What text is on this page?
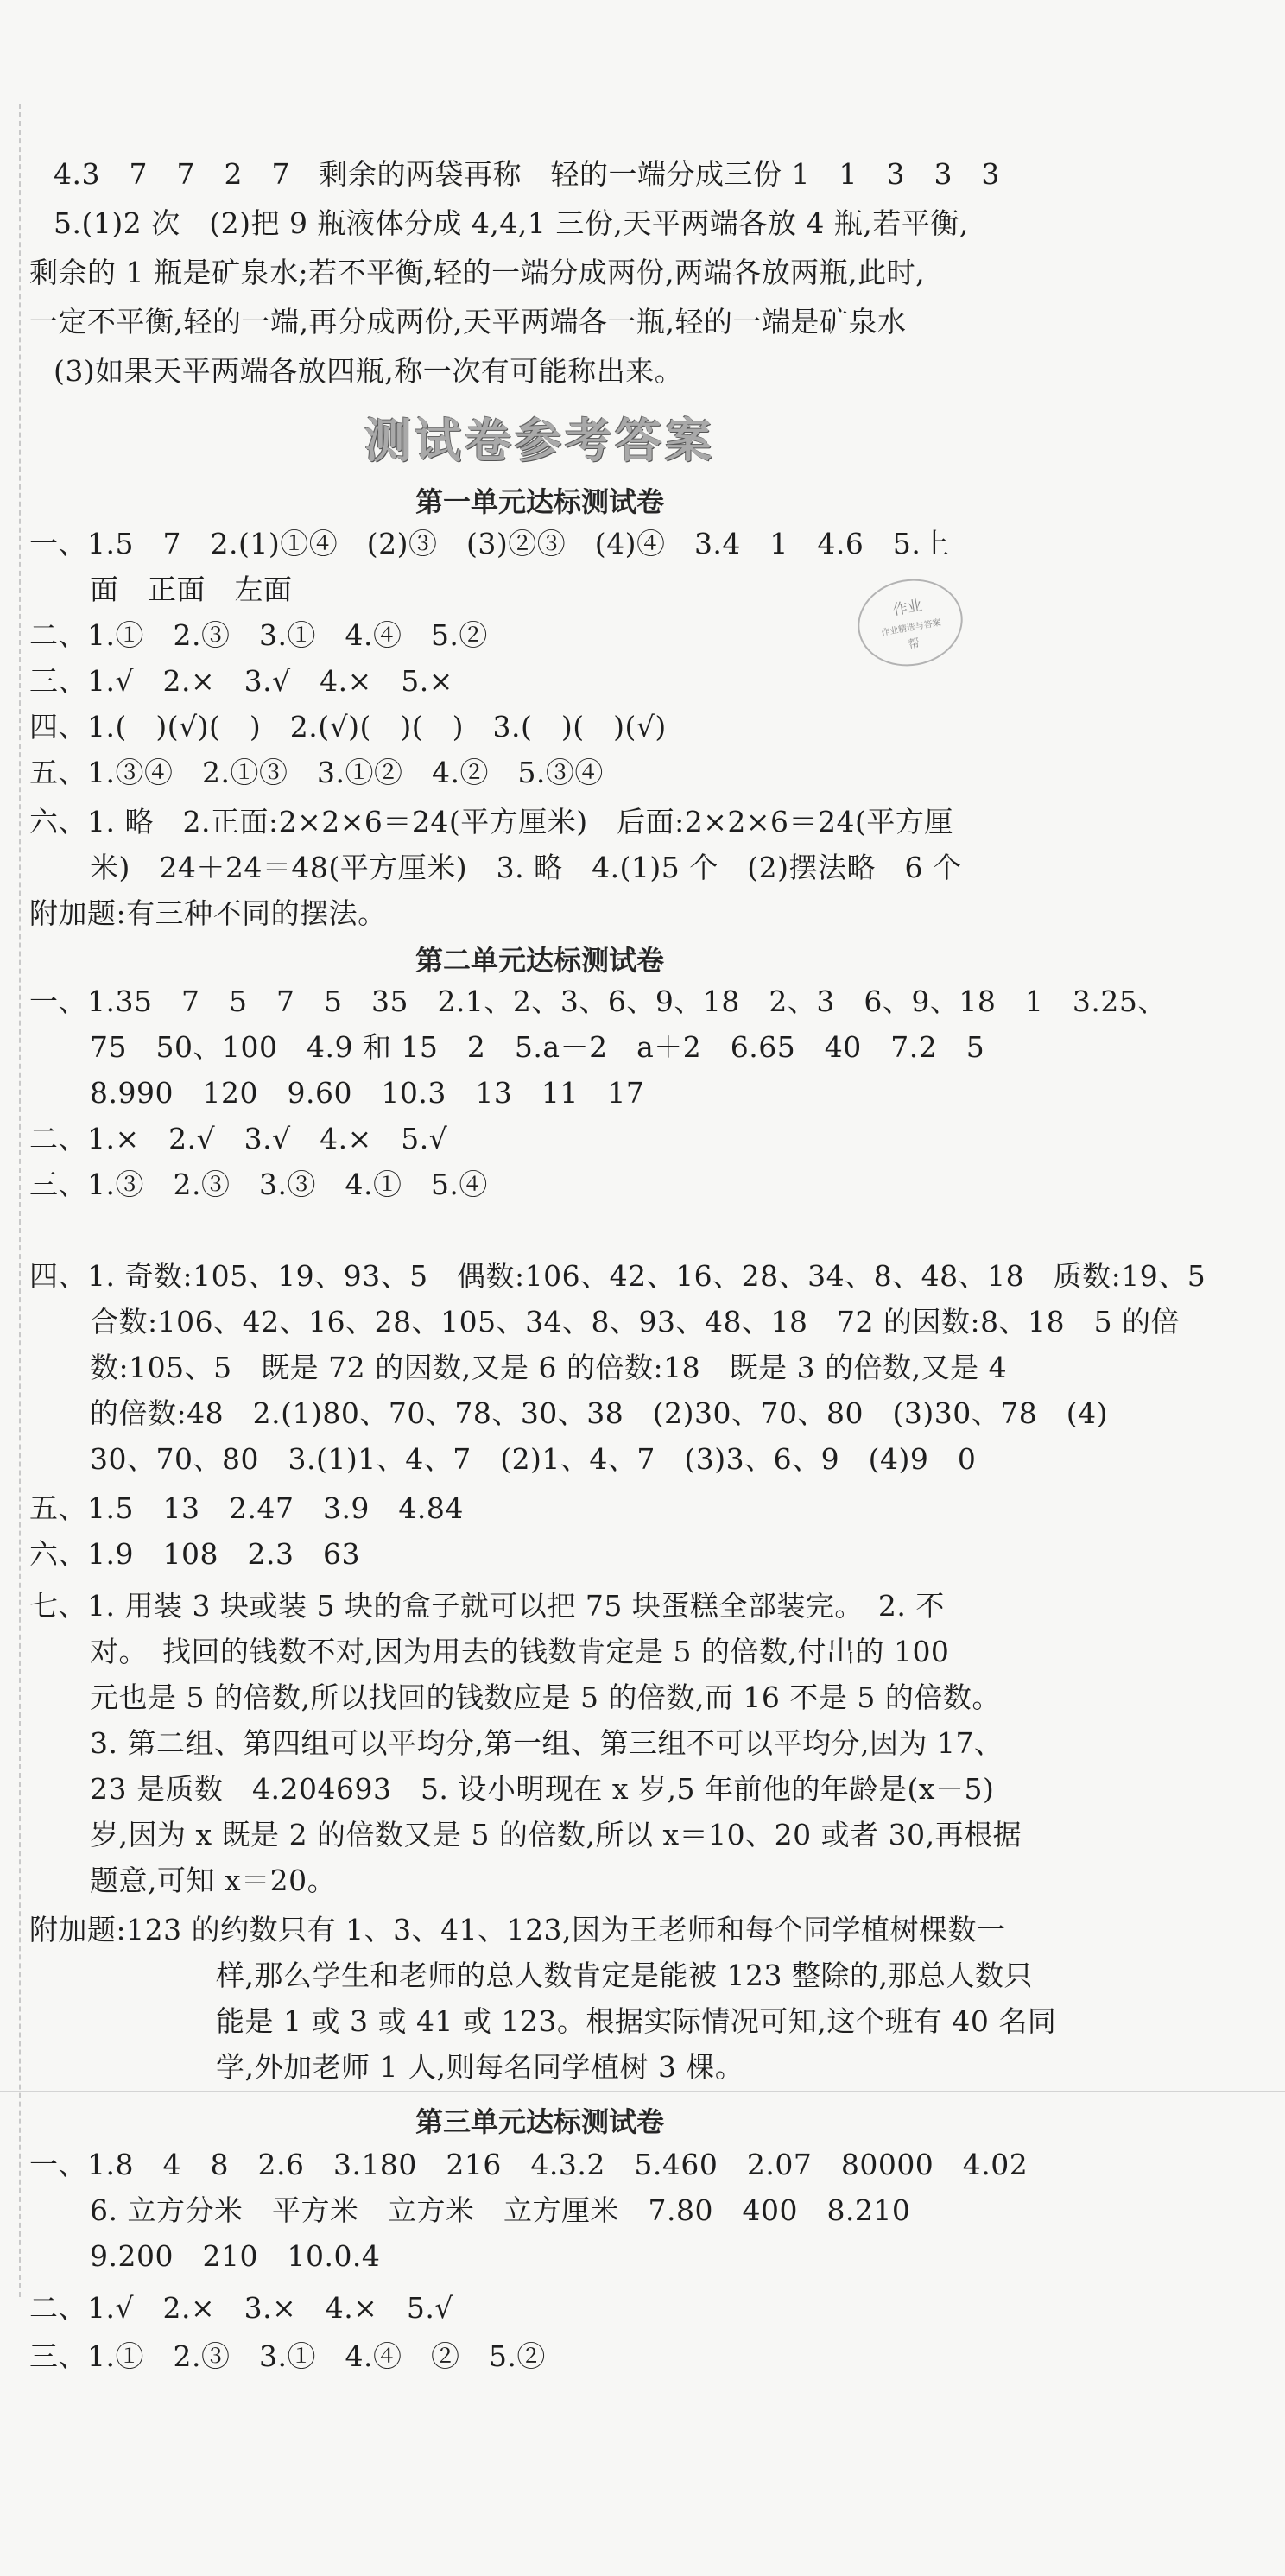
4.3　7　7　2　7　剩余的两袋再称　轻的一端分成三份 1　1　3　3　3
5.(1)2 次　(2)把 9 瓶液体分成 4,4,1 三份,天平两端各放 4 瓶,若平衡,
剩余的 1 瓶是矿泉水;若不平衡,轻的一端分成两份,两端各放两瓶,此时,
一定不平衡,轻的一端,再分成两份,天平两端各一瓶,轻的一端是矿泉水
(3)如果天平两端各放四瓶,称一次有可能称出来。
测试卷参考答案
第一单元达标测试卷
一、1.5　7　2.(1)①④　(2)③　(3)②③　(4)④　3.4　1　4.6　5.上
面　正面　左面
二、1.①　2.③　3.①　4.④　5.②
三、1.√　2.×　3.√　4.×　5.×
四、1.(　)(√)(　)　2.(√)(　)(　)　3.(　)(　)(√)
五、1.③④　2.①③　3.①②　4.②　5.③④
六、1. 略　2.正面:2×2×6＝24(平方厘米)　后面:2×2×6＝24(平方厘
米)　24＋24＝48(平方厘米)　3. 略　4.(1)5 个　(2)摆法略　6 个
附加题:有三种不同的摆法。
作业
作业精选与答案
帮
第二单元达标测试卷
一、1.35　7　5　7　5　35　2.1、2、3、6、9、18　2、3　6、9、18　1　3.25、
75　50、100　4.9 和 15　2　5.a－2　a＋2　6.65　40　7.2　5
8.990　120　9.60　10.3　13　11　17
二、1.×　2.√　3.√　4.×　5.√
三、1.③　2.③　3.③　4.①　5.④
四、1. 奇数:105、19、93、5　偶数:106、42、16、28、34、8、48、18　质数:19、5
合数:106、42、16、28、105、34、8、93、48、18　72 的因数:8、18　5 的倍
数:105、5　既是 72 的因数,又是 6 的倍数:18　既是 3 的倍数,又是 4
的倍数:48　2.(1)80、70、78、30、38　(2)30、70、80　(3)30、78　(4)
30、70、80　3.(1)1、4、7　(2)1、4、7　(3)3、6、9　(4)9　0
五、1.5　13　2.47　3.9　4.84
六、1.9　108　2.3　63
七、1. 用装 3 块或装 5 块的盒子就可以把 75 块蛋糕全部装完。　2. 不
对。　找回的钱数不对,因为用去的钱数肯定是 5 的倍数,付出的 100
元也是 5 的倍数,所以找回的钱数应是 5 的倍数,而 16 不是 5 的倍数。
3. 第二组、第四组可以平均分,第一组、第三组不可以平均分,因为 17、
23 是质数　4.204693　5. 设小明现在 x 岁,5 年前他的年龄是(x－5)
岁,因为 x 既是 2 的倍数又是 5 的倍数,所以 x＝10、20 或者 30,再根据
题意,可知 x＝20。
附加题:123 的约数只有 1、3、41、123,因为王老师和每个同学植树棵数一
样,那么学生和老师的总人数肯定是能被 123 整除的,那总人数只
能是 1 或 3 或 41 或 123。根据实际情况可知,这个班有 40 名同
学,外加老师 1 人,则每名同学植树 3 棵。
第三单元达标测试卷
一、1.8　4　8　2.6　3.180　216　4.3.2　5.460　2.07　80000　4.02
6. 立方分米　平方米　立方米　立方厘米　7.80　400　8.210
9.200　210　10.0.4
二、1.√　2.×　3.×　4.×　5.√
三、1.①　2.③　3.①　4.④　②　5.②
